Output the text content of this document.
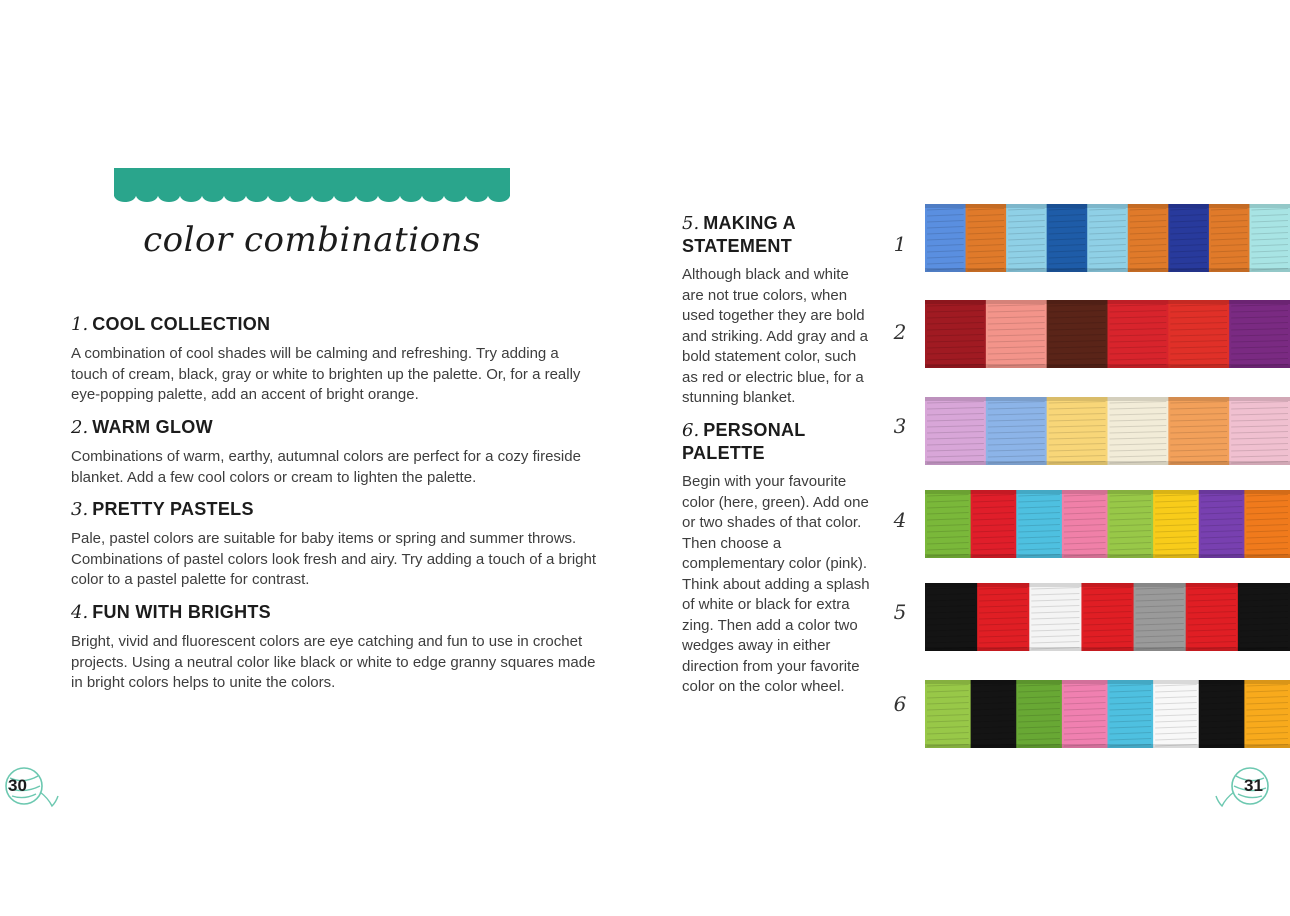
color combinations

1. COOL COLLECTION

A combination of cool shades will be calming and refreshing. Try adding a touch of cream, black, gray or white to brighten up the palette. Or, for a really eye-popping palette, add an accent of bright orange.

2. WARM GLOW

Combinations of warm, earthy, autumnal colors are perfect for a cozy fireside blanket. Add a few cool colors or cream to lighten the palette.

3. PRETTY PASTELS

Pale, pastel colors are suitable for baby items or spring and summer throws. Combinations of pastel colors look fresh and airy. Try adding a touch of a bright color to a pastel palette for contrast.

4. FUN WITH BRIGHTS

Bright, vivid and fluorescent colors are eye catching and fun to use in crochet projects. Using a neutral color like black or white to edge granny squares made in bright colors helps to unite the colors.

30

5. MAKING A
STATEMENT

Although black and white are not true colors, when used together they are bold and striking. Add gray and a bold statement color, such as red or electric blue, for a stunning blanket.

6. PERSONAL
PALETTE

Begin with your favourite color (here, green). Add one or two shades of that color. Then choose a complementary color (pink). Think about adding a splash of white or black for extra zing. Then add a color two wedges away in either direction from your favorite color on the color wheel.

1
2
3
4
5
6
31
